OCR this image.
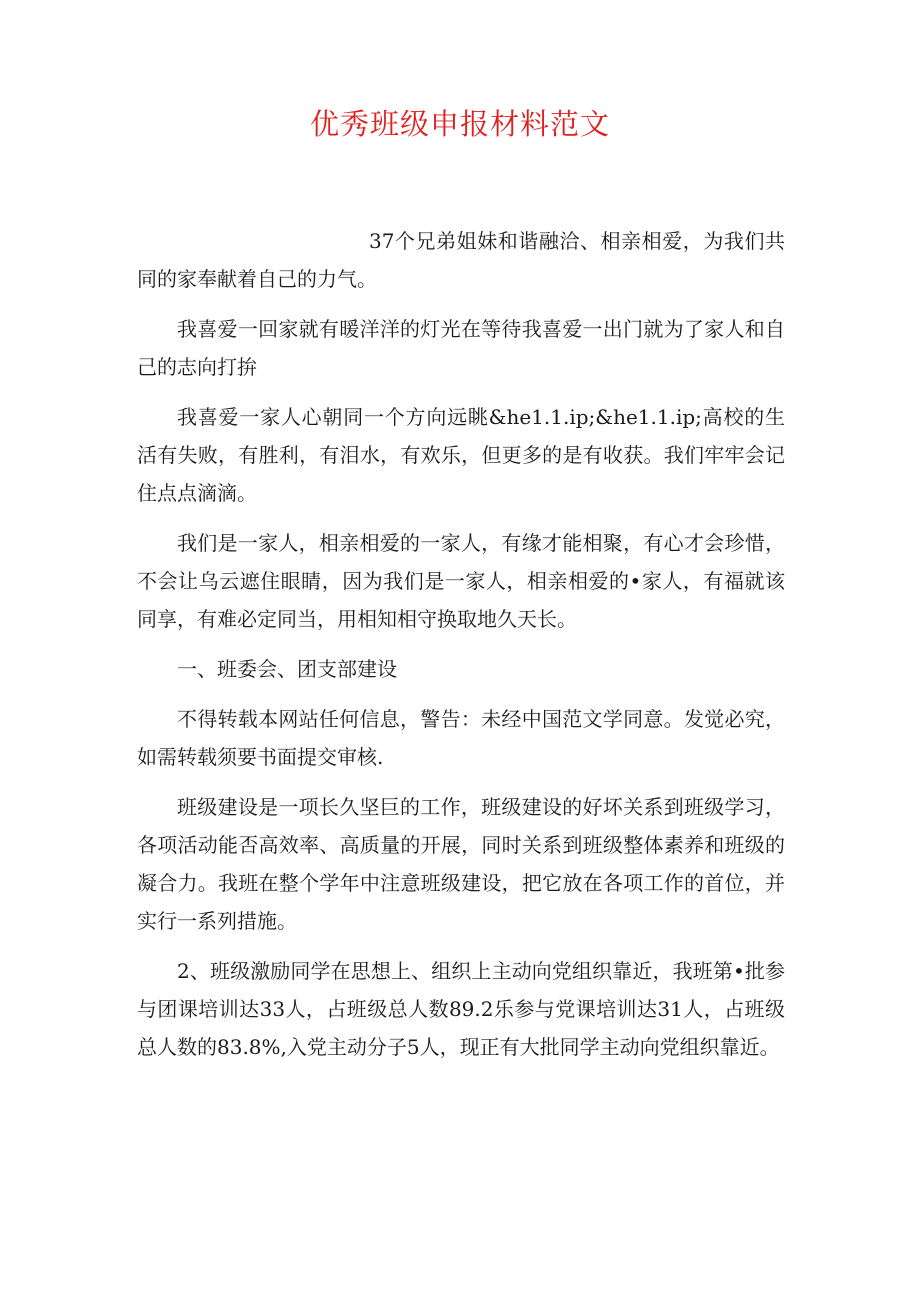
优秀班级申报材料范文

37个兄弟姐妹和谐融洽、相亲相爱，为我们共同的家奉献着自己的力气。

我喜爱一回家就有暖洋洋的灯光在等待我喜爱一出门就为了家人和自己的志向打拚

我喜爱一家人心朝同一个方向远眺&he1.1.ip;&he1.1.ip;高校的生活有失败，有胜利，有泪水，有欢乐，但更多的是有收获。我们牢牢会记住点点滴滴。

我们是一家人，相亲相爱的一家人，有缘才能相聚，有心才会珍惜，不会让乌云遮住眼睛，因为我们是一家人，相亲相爱的•家人，有福就该同享，有难必定同当，用相知相守换取地久天长。

一、班委会、团支部建设

不得转载本网站任何信息，警告：未经中国范文学同意。发觉必究，如需转载须要书面提交审核.

班级建设是一项长久坚巨的工作，班级建设的好坏关系到班级学习，各项活动能否高效率、高质量的开展，同时关系到班级整体素养和班级的凝合力。我班在整个学年中注意班级建设，把它放在各项工作的首位，并实行一系列措施。

2、班级激励同学在思想上、组织上主动向党组织靠近，我班第•批参与团课培训达33人，占班级总人数89.2乐参与党课培训达31人，占班级总人数的83.8%,入党主动分子5人，现正有大批同学主动向党组织靠近。
